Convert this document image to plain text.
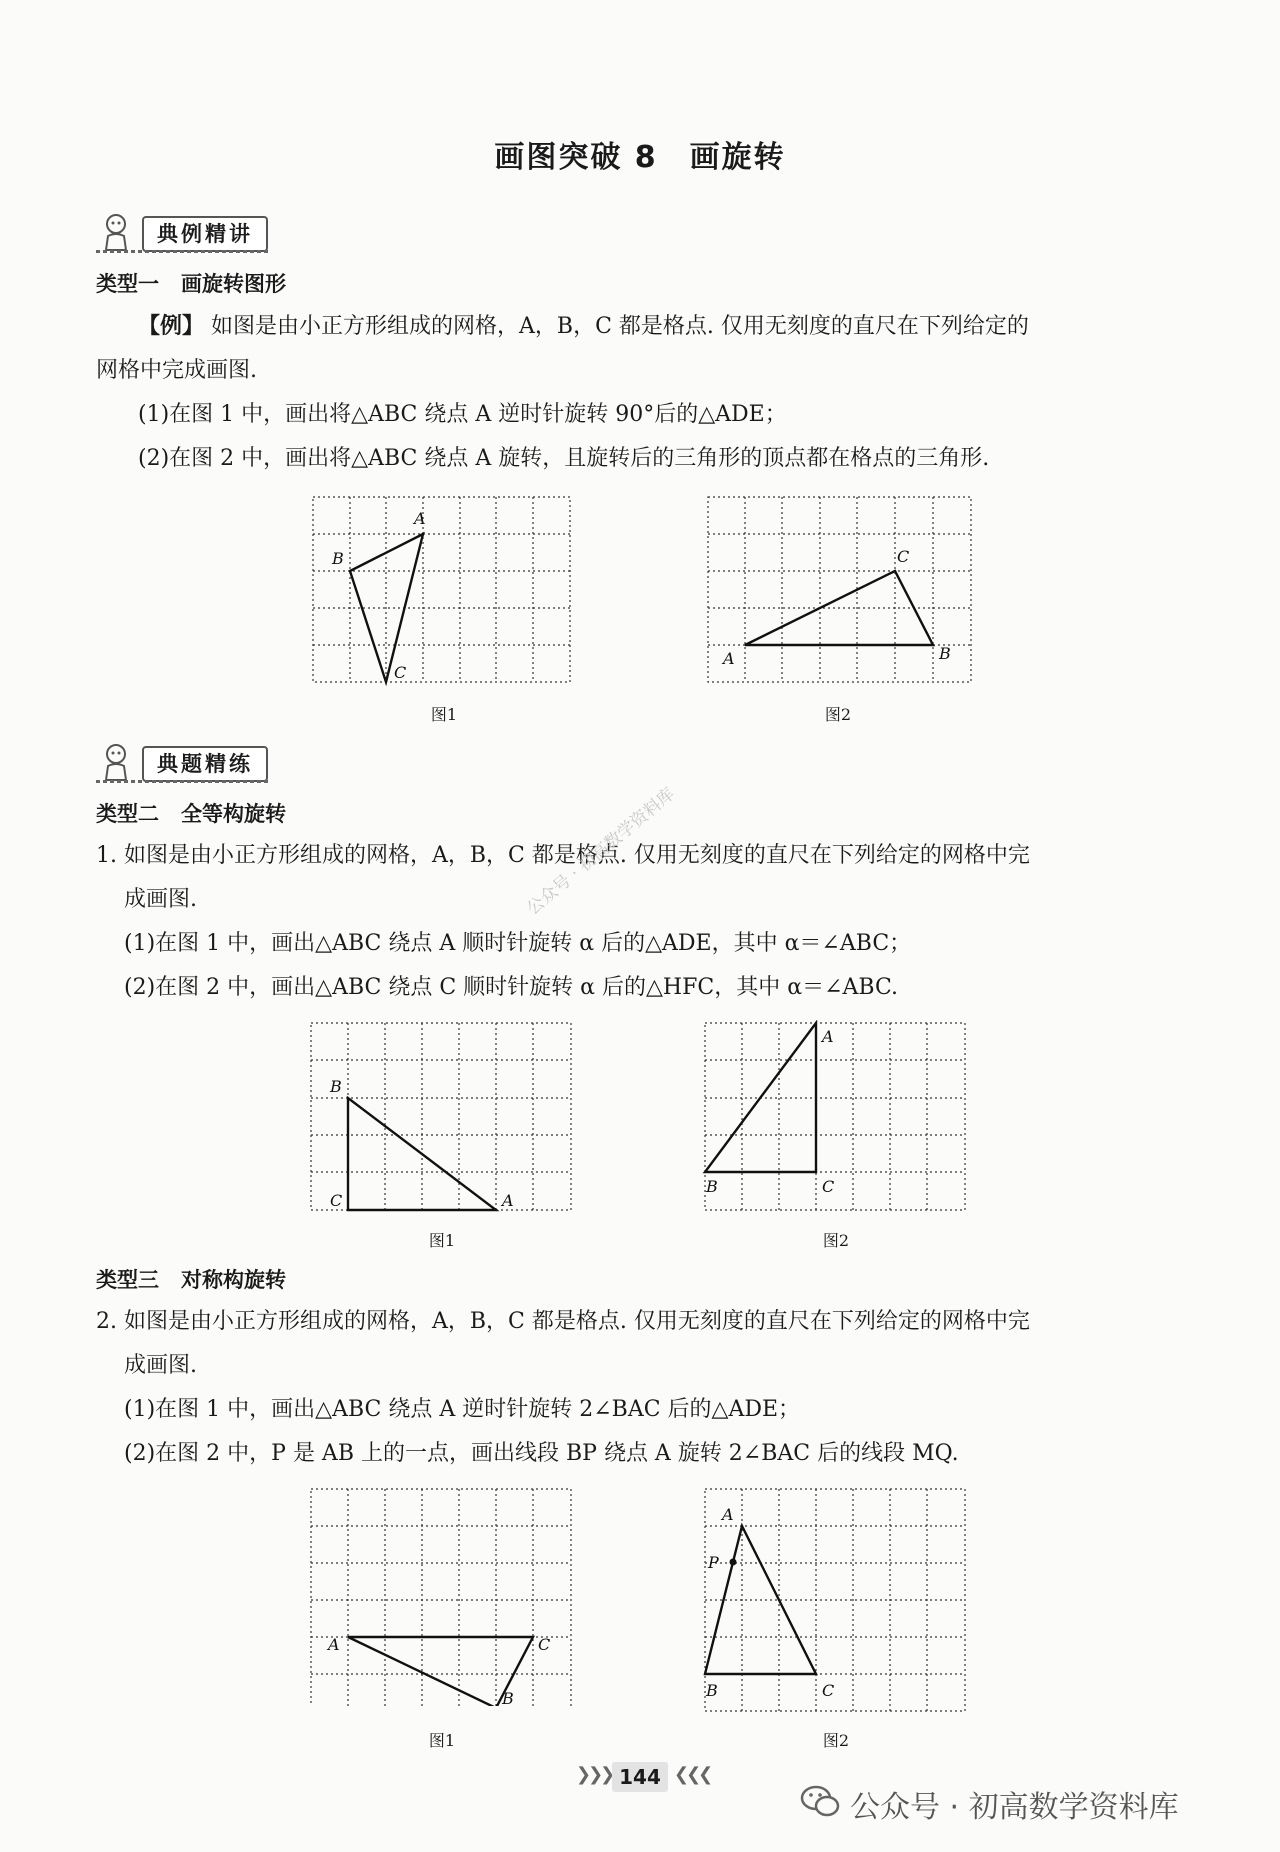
画图突破 8　画旋转
典例精讲
类型一 画旋转图形
【例】 如图是由小正方形组成的网格，A，B，C 都是格点. 仅用无刻度的直尺在下列给定的
网格中完成画图.
(1)在图 1 中，画出将△ABC 绕点 A 逆时针旋转 90°后的△ADE；
(2)在图 2 中，画出将△ABC 绕点 A 旋转，且旋转后的三角形的顶点都在格点的三角形.
A
B
C
图1
A	B
C
图2
典题精练
类型二 全等构旋转
1. 如图是由小正方形组成的网格，A，B，C 都是格点. 仅用无刻度的直尺在下列给定的网格中完
成画图.
(1)在图 1 中，画出△ABC 绕点 A 顺时针旋转 α 后的△ADE，其中 α＝∠ABC；
(2)在图 2 中，画出△ABC 绕点 C 顺时针旋转 α 后的△HFC，其中 α＝∠ABC.
B
C	A
图1
A
B	C
图2
类型三 对称构旋转
2. 如图是由小正方形组成的网格，A，B，C 都是格点. 仅用无刻度的直尺在下列给定的网格中完
成画图.
(1)在图 1 中，画出△ABC 绕点 A 逆时针旋转 2∠BAC 后的△ADE；
(2)在图 2 中，P 是 AB 上的一点，画出线段 BP 绕点 A 旋转 2∠BAC 后的线段 MQ.
A	C
B
图1
A
P
B	C
图2
公众号 · 初高数学资料库
❯❯❯ 144 ❮❮❮
公众号 · 初高数学资料库
